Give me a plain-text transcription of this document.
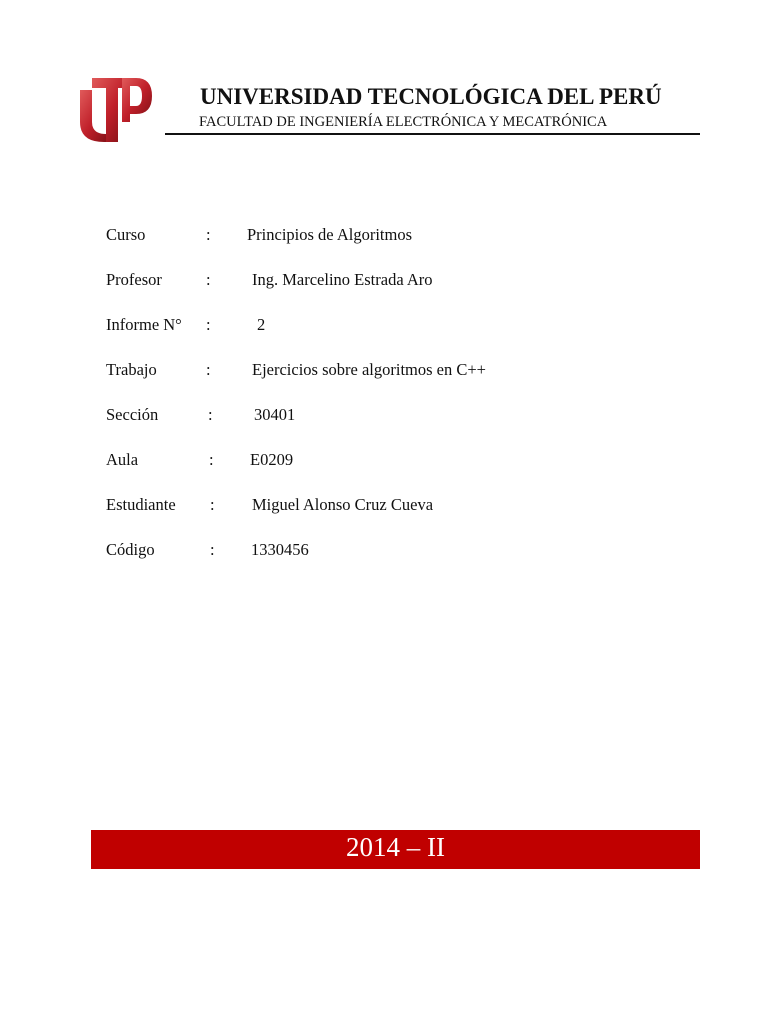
UNIVERSIDAD TECNOLÓGICA DEL PERÚ
FACULTAD DE INGENIERÍA ELECTRÓNICA Y MECATRÓNICA
Curso	: Principios de Algoritmos
Profesor	:	Ing. Marcelino Estrada Aro
Informe N° :	2
Trabajo	:	Ejercicios sobre algoritmos en C++
Sección	:	30401
Aula	: E0209
Estudiante : Miguel Alonso Cruz Cueva
Código	: 1330456
2014 – II
